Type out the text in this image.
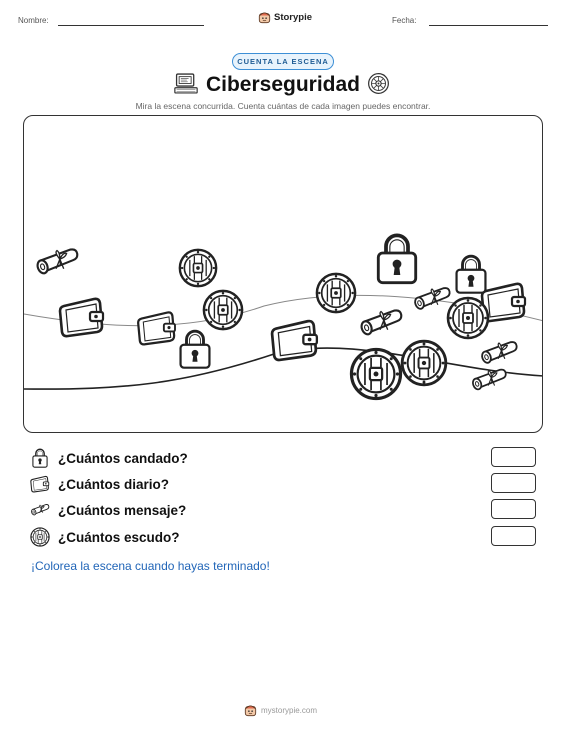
Nombre:	Storypie	Fecha:
CUENTA LA ESCENA
Ciberseguridad
Mira la escena concurrida. Cuenta cuántas de cada imagen puedes encontrar.
¿Cuántos candado?
¿Cuántos diario?
¿Cuántos mensaje?
¿Cuántos escudo?
¡Colorea la escena cuando hayas terminado!
mystorypie.com
